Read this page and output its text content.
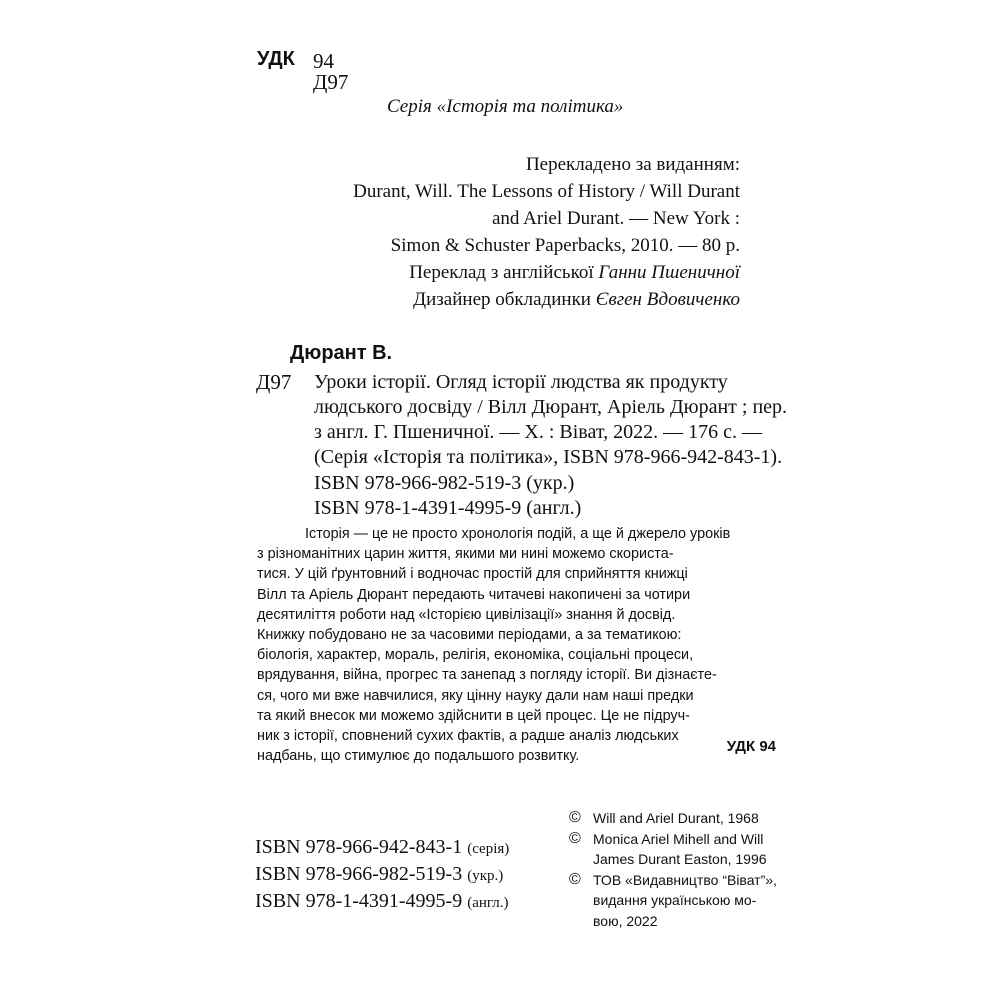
УДК 94
Д97
Серія «Історія та політика»
Перекладено за виданням:
Durant, Will. The Lessons of History / Will Durant
and Ariel Durant. — New York :
Simon & Schuster Paperbacks, 2010. — 80 p.
Переклад з англійської Ганни Пшеничної
Дизайнер обкладинки Євген Вдовиченко
Дюрант В.
Д97 Уроки історії. Огляд історії людства як продукту
людського досвіду / Вілл Дюрант, Аріель Дюрант ; пер.
з англ. Г. Пшеничної. — Х. : Віват, 2022. — 176 с. —
(Серія «Історія та політика», ISBN 978-966-942-843-1).
ISBN 978-966-982-519-3 (укр.)
ISBN 978-1-4391-4995-9 (англ.)
Історія — це не просто хронологія подій, а ще й джерело уроків
з різноманітних царин життя, якими ми нині можемо скориста-
тися. У цій ґрунтовний і водночас простій для сприйняття книжці
Вілл та Аріель Дюрант передають читачеві накопичені за чотири
десятиліття роботи над «Історією цивілізації» знання й досвід.
Книжку побудовано не за часовими періодами, а за тематикою:
біологія, характер, мораль, релігія, економіка, соціальні процеси,
врядування, війна, прогрес та занепад з погляду історії. Ви дізнаєте-
ся, чого ми вже навчилися, яку цінну науку дали нам наші предки
та який внесок ми можемо здійснити в цей процес. Це не підруч-
ник з історії, сповнений сухих фактів, а радше аналіз людських
надбань, що стимулює до подальшого розвитку.
УДК 94
© Will and Ariel Durant, 1968
© Monica Ariel Mihell and Will
James Durant Easton, 1996
© ТОВ «Видавництво “Віват”»,
видання українською мо-
вою, 2022
ISBN 978-966-942-843-1 (серія)
ISBN 978-966-982-519-3 (укр.)
ISBN 978-1-4391-4995-9 (англ.)
